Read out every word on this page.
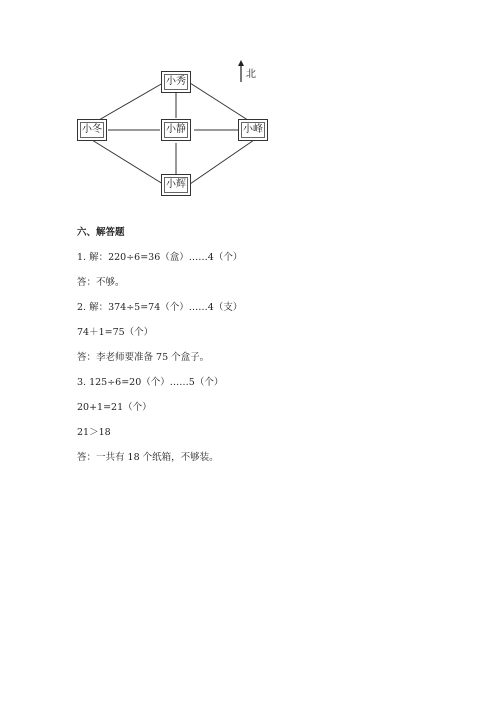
小秀
小冬	小静	小峰
小辉
北
六、解答题
1. 解：220÷6=36（盒）……4（个）
答：不够。
2. 解：374÷5=74（个）……4（支）
74＋1=75（个）
答：李老师要准备 75 个盒子。
3. 125÷6=20（个）……5（个）
20+1=21（个）
21＞18
答：一共有 18 个纸箱，不够装。
